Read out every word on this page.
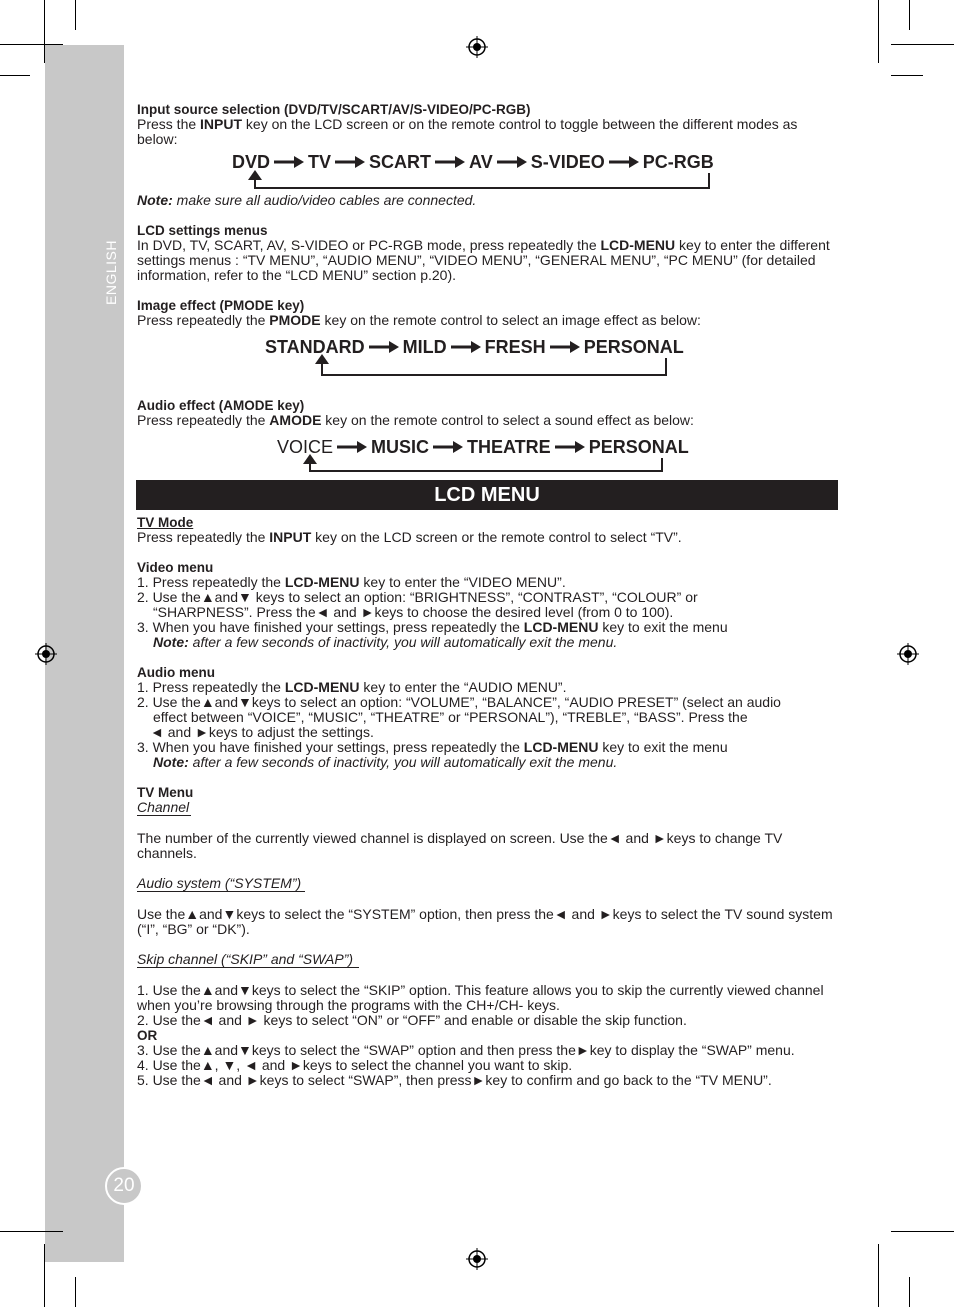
ENGLISH
20

Input source selection (DVD/TV/SCART/AV/S-VIDEO/PC-RGB)

Press the INPUT key on the LCD screen or on the remote control to toggle between the different modes as below:

DVD TV SCART AV S-VIDEO PC-RGB

Note: make sure all audio/video cables are connected.

LCD settings menus

In DVD, TV, SCART, AV, S-VIDEO or PC-RGB mode, press repeatedly the LCD-MENU key to enter the different settings menus : “TV MENU”, “AUDIO MENU”, “VIDEO MENU”, “GENERAL MENU”, “PC MENU” (for detailed information, refer to the “LCD MENU” section p.20).

Image effect (PMODE key)

Press repeatedly the PMODE key on the remote control to select an image effect as below:

STANDARD MILD FRESH PERSONAL

Audio effect (AMODE key)

Press repeatedly the AMODE key on the remote control to select a sound effect as below:

VOICE MUSIC THEATRE PERSONAL
LCD MENU

TV Mode

Press repeatedly the INPUT key on the LCD screen or the remote control to select “TV”.

Video menu

1. Press repeatedly the LCD-MENU key to enter the “VIDEO MENU”.

2. Use the▲and▼ keys to select an option: “BRIGHTNESS”, “CONTRAST”, “COLOUR” or

“SHARPNESS”. Press the◄ and ►keys to choose the desired level (from 0 to 100).

3. When you have finished your settings, press repeatedly the LCD-MENU key to exit the menu

Note: after a few seconds of inactivity, you will automatically exit the menu.

Audio menu

1. Press repeatedly the LCD-MENU key to enter the “AUDIO MENU”.

2. Use the▲and▼keys to select an option: “VOLUME”, “BALANCE”, “AUDIO PRESET” (select an audio

effect between “VOICE”, “MUSIC”, “THEATRE” or “PERSONAL”), “TREBLE”, “BASS”. Press the

◄ and ►keys to adjust the settings.

3. When you have finished your settings, press repeatedly the LCD-MENU key to exit the menu

Note: after a few seconds of inactivity, you will automatically exit the menu.

TV Menu

Channel

The number of the currently viewed channel is displayed on screen. Use the◄ and ►keys to change TV channels.

Audio system (“SYSTEM”)

Use the▲and▼keys to select the “SYSTEM” option, then press the◄ and ►keys to select the TV sound system (“I”, “BG” or “DK”).

Skip channel (“SKIP” and “SWAP”)

1. Use the▲and▼keys to select the “SKIP” option. This feature allows you to skip the currently viewed channel when you’re browsing through the programs with the CH+/CH- keys.

2. Use the◄ and ► keys to select “ON” or “OFF” and enable or disable the skip function.

OR

3. Use the▲and▼keys to select the “SWAP” option and then press the►key to display the “SWAP” menu.

4. Use the▲, ▼, ◄ and ►keys to select the channel you want to skip.

5. Use the◄ and ►keys to select “SWAP”, then press►key to confirm and go back to the “TV MENU”.
